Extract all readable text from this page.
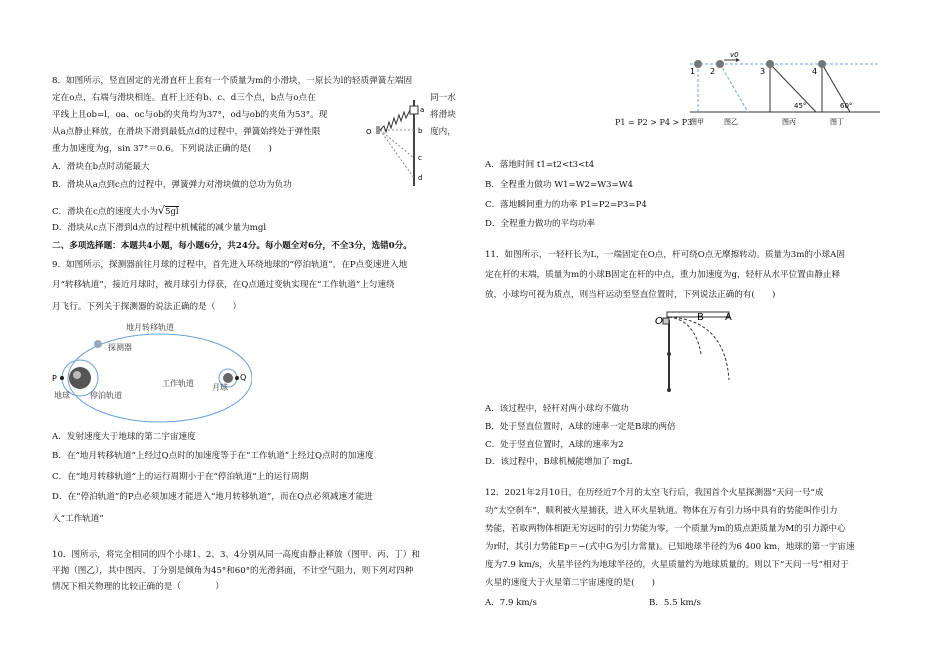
8．如图所示，竖直固定的光滑直杆上套有一个质量为m的小滑块，一原长为l的轻质弹簧左端固
定在o点，右端与滑块相连。直杆上还有b、c、d三个点，b点与o点在	同一水
平线上且ob=l，oa、oc与ob的夹角均为37°，od与ob的夹角为53°。现	将滑块
从a点静止释放，在滑块下滑到最低点d的过程中，弹簧始终处于弹性限	度内，
重力加速度为g，sin 37°＝0.6。下列说法正确的是(　　)
A．滑块在b点时动能最大
B．滑块从a点到c点的过程中，弹簧弹力对滑块做的总功为负功
C．滑块在c点的速度大小为√5gl
D．滑块从c点下滑到d点的过程中机械能的减少量为mgl
O
a
b
c
d
二、多项选择题：本题共4小题，每小题6分，共24分。每小题全对6分，不全3分，选错0分。
9．如图所示，探测器前往月球的过程中，首先进入环绕地球的“停泊轨道”，在P点变速进入地
月“转移轨道”，接近月球时，被月球引力俘获，在Q点通过变轨实现在“工作轨道”上匀速绕
月飞行。下列关于探测器的说法正确的是（　　）
地月转移轨道
探测器
P
地球	停泊轨道
工作轨道 月球
Q
A．发射速度大于地球的第二宇宙速度
B．在“地月转移轨道”上经过Q点时的加速度等于在“工作轨道”上经过Q点时的加速度
C．在“地月转移轨道”上的运行周期小于在“停泊轨道”上的运行周期
D．在“停泊轨道”的P点必须加速才能进入“地月转移轨道”，而在Q点必须减速才能进
入“工作轨道”
10．图所示，将完全相同的四个小球1、2、3、4分别从同一高度由静止释放（图甲、丙、丁）和
平抛（图乙），其中图丙、丁分别是倾角为45°和60°的光滑斜面，不计空气阻力，则下列对四种
情况下相关物理的比较正确的是（　　　　）
1 2	3	4
v0
45°	60°
图甲	图乙	图丙	图丁
P1 = P2 > P4 > P3
A．落地时间 t1=t2<t3<t4
B．全程重力做功 W1=W2=W3=W4
C．落地瞬间重力的功率 P1=P2=P3=P4
D．全程重力做功的平均功率
11．如图所示，一轻杆长为L，一端固定在O点，杆可绕O点无摩擦转动。质量为3m的小球A固
定在杆的末端，质量为m的小球B固定在杆的中点，重力加速度为g，轻杆从水平位置由静止释
放，小球均可视为质点，则当杆运动至竖直位置时，下列说法正确的有(　　)
O	B A
A．该过程中，轻杆对两小球均不做功
B．处于竖直位置时，A球的速率一定是B球的两倍
C．处于竖直位置时，A球的速率为2
D．该过程中，B球机械能增加了 mgL
12．2021年2月10日，在历经近7个月的太空飞行后，我国首个火星探测器“天问一号”成
功“太空刹车”，顺利被火星捕获，进入环火星轨道。物体在万有引力场中具有的势能叫作引力
势能，若取两物体相距无穷远时的引力势能为零，一个质量为m的质点距质量为M的引力源中心
为r时，其引力势能Ep＝−(式中G为引力常量)。已知地球半径约为6 400 km，地球的第一宇宙速
度为7.9 km/s，火星半径约为地球半径的，火星质量约为地球质量的。则以下“天问一号”相对于
火星的速度大于火星第二宇宙速度的是(　　)
A．7.9 km/s	B．5.5 km/s
